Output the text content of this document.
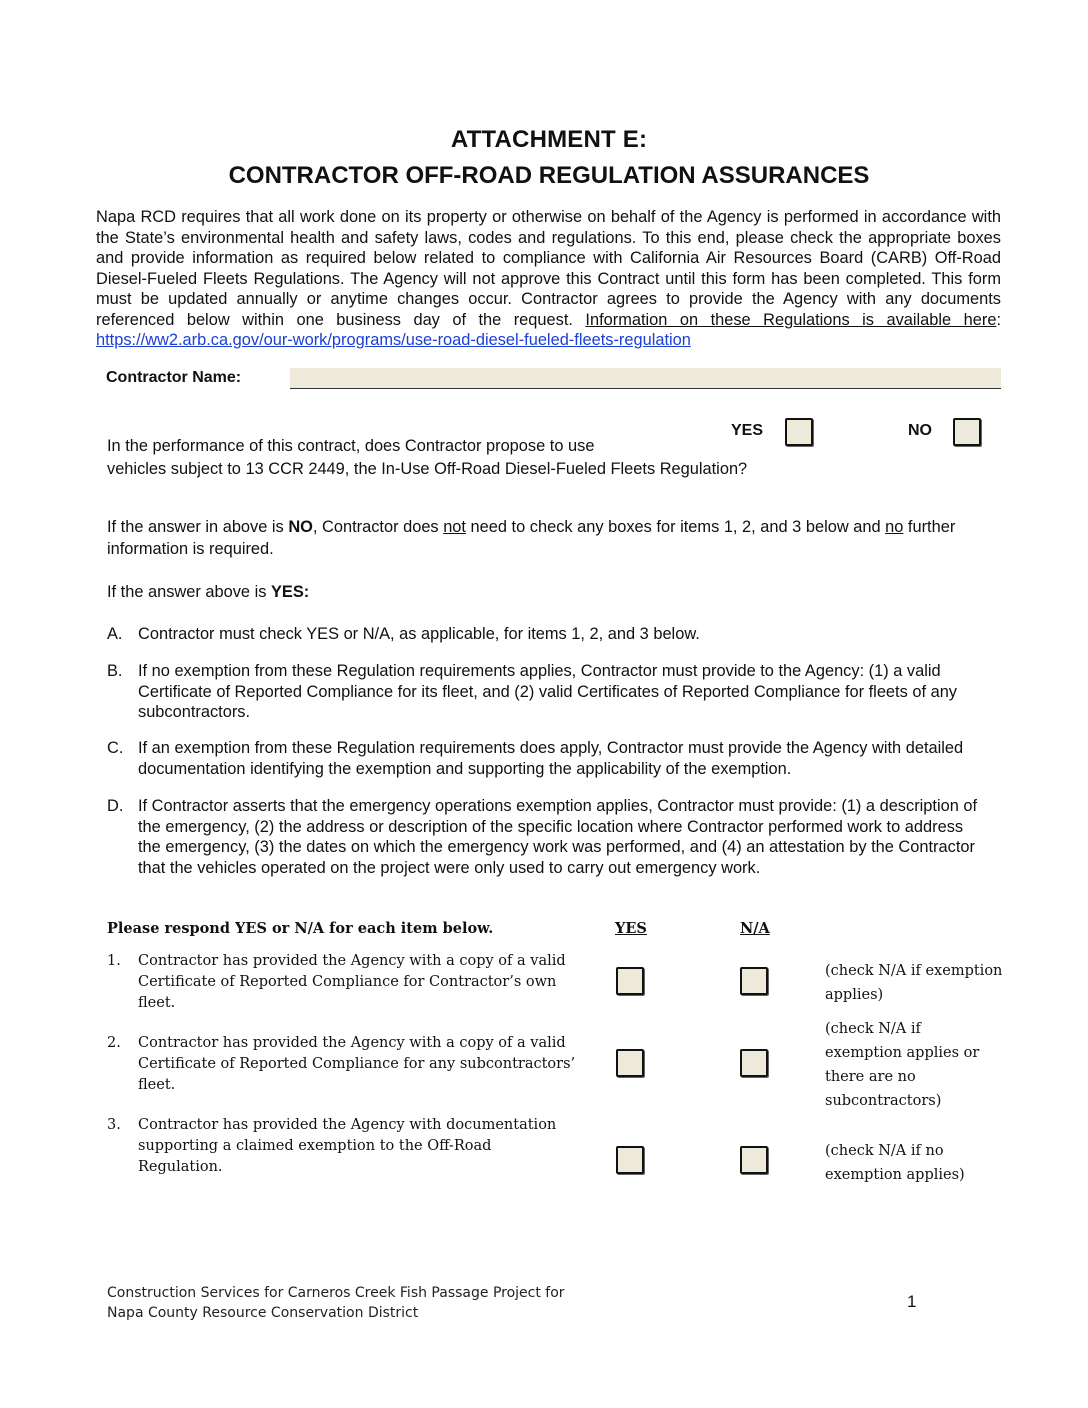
ATTACHMENT E:
CONTRACTOR OFF-ROAD REGULATION ASSURANCES
Napa RCD requires that all work done on its property or otherwise on behalf of the Agency is performed in accordance with the State’s environmental health and safety laws, codes and regulations. To this end, please check the appropriate boxes and provide information as required below related to compliance with California Air Resources Board (CARB) Off-Road Diesel-Fueled Fleets Regulations. The Agency will not approve this Contract until this form has been completed. This form must be updated annually or anytime changes occur. Contractor agrees to provide the Agency with any documents referenced below within one business day of the request. Information on these Regulations is available here: https://ww2.arb.ca.gov/our-work/programs/use-road-diesel-fueled-fleets-regulation
Contractor Name:
YES	NO
In the performance of this contract, does Contractor propose to use
vehicles subject to 13 CCR 2449, the In-Use Off-Road Diesel-Fueled Fleets Regulation?
If the answer in above is NO, Contractor does not need to check any boxes for items 1, 2, and 3 below and no further information is required.
If the answer above is YES:
A. Contractor must check YES or N/A, as applicable, for items 1, 2, and 3 below.
B. If no exemption from these Regulation requirements applies, Contractor must provide to the Agency: (1) a valid Certificate of Reported Compliance for its fleet, and (2) valid Certificates of Reported Compliance for fleets of any subcontractors.
C. If an exemption from these Regulation requirements does apply, Contractor must provide the Agency with detailed documentation identifying the exemption and supporting the applicability of the exemption.
D. If Contractor asserts that the emergency operations exemption applies, Contractor must provide: (1) a description of the emergency, (2) the address or description of the specific location where Contractor performed work to address the emergency, (3) the dates on which the emergency work was performed, and (4) an attestation by the Contractor that the vehicles operated on the project were only used to carry out emergency work.
Please respond YES or N/A for each item below.	YES	N/A
1. Contractor has provided the Agency with a copy of a valid Certificate of Reported Compliance for Contractor’s own fleet.
(check N/A if exemption applies)
2. Contractor has provided the Agency with a copy of a valid Certificate of Reported Compliance for any subcontractors’ fleet.
(check N/A if exemption applies or there are no subcontractors)
3. Contractor has provided the Agency with documentation supporting a claimed exemption to the Off-Road Regulation.
(check N/A if no exemption applies)
Construction Services for Carneros Creek Fish Passage Project for
Napa County Resource Conservation District
1
